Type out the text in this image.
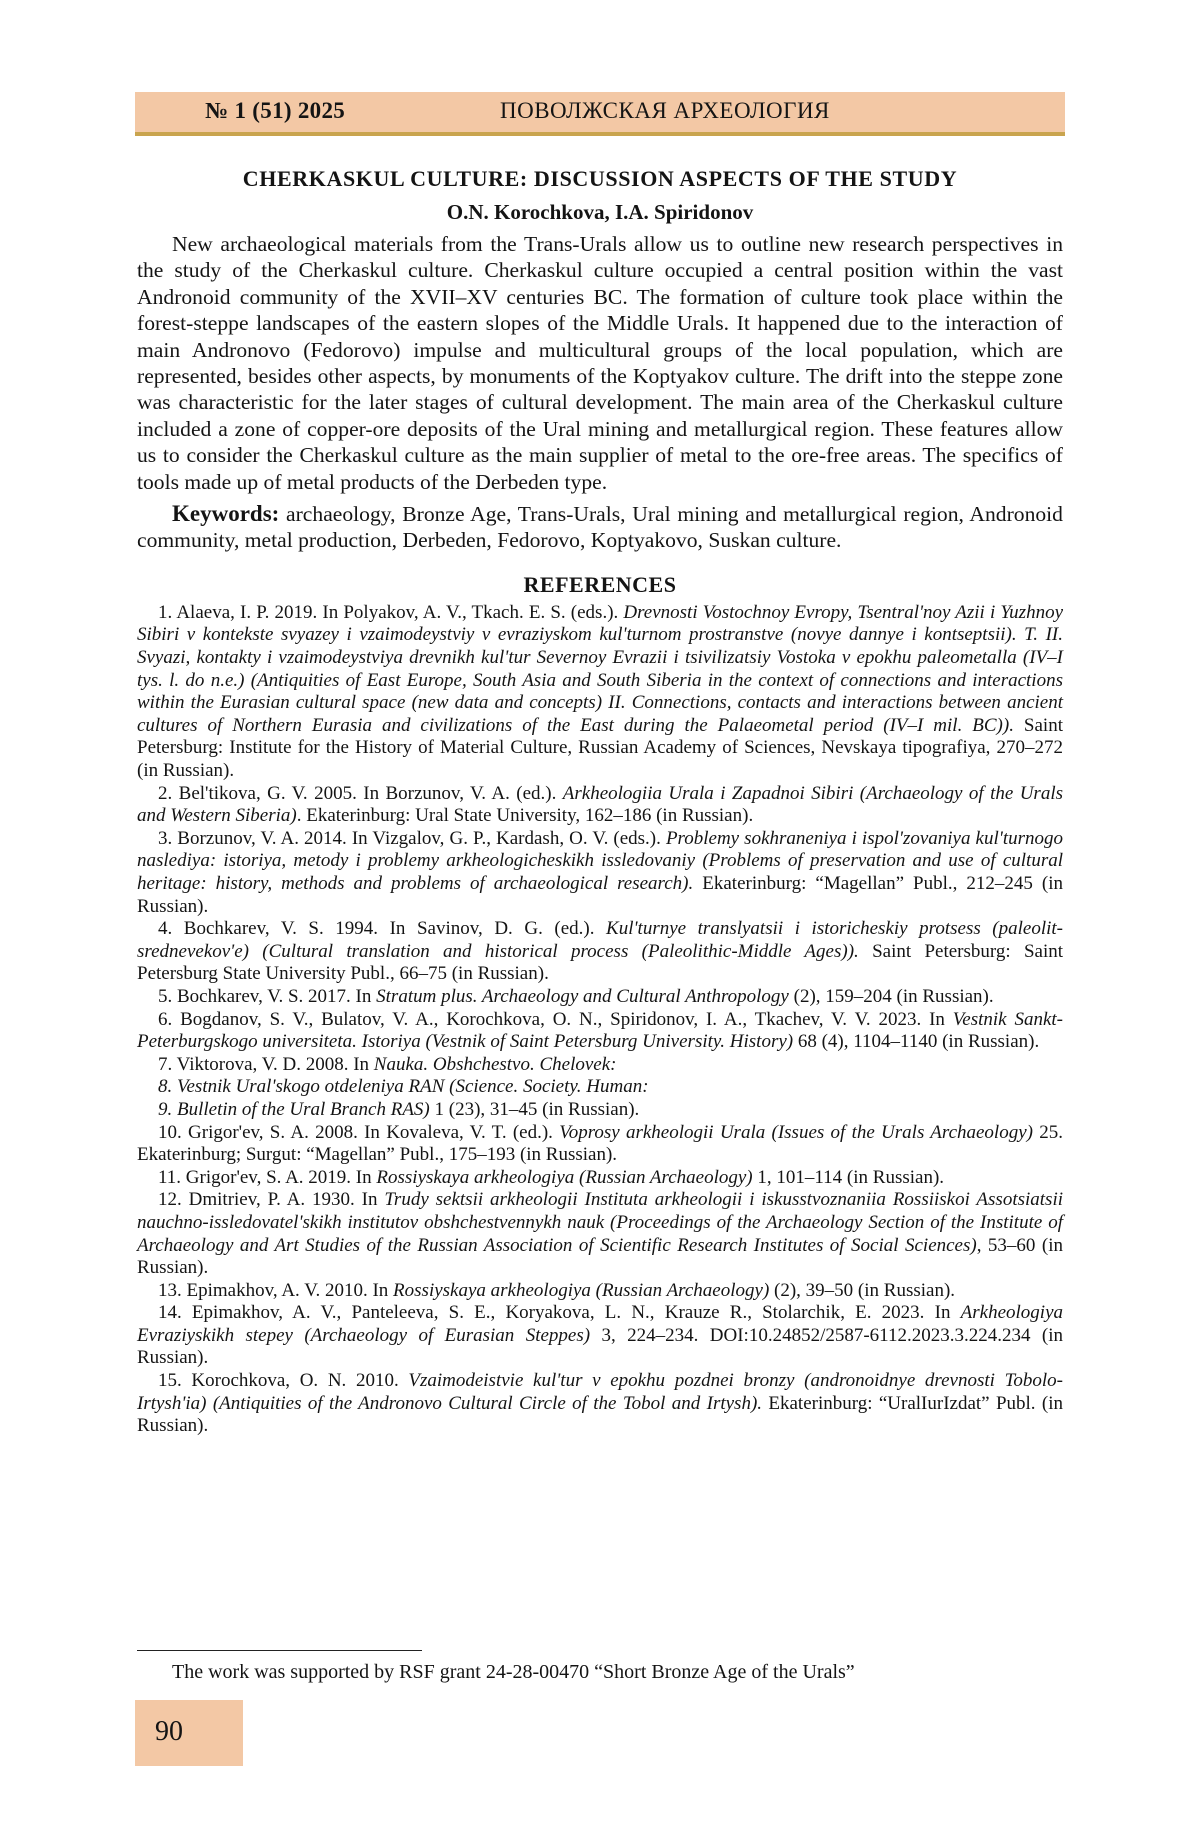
№ 1 (51) 2025	ПОВОЛЖСКАЯ АРХЕОЛОГИЯ
CHERKASKUL CULTURE: DISCUSSION ASPECTS OF THE STUDY
O.N. Korochkova, I.A. Spiridonov

New archaeological materials from the Trans-Urals allow us to outline new research perspectives in the study of the Cherkaskul culture. Cherkaskul culture occupied a central position within the vast Andronoid community of the XVII–XV centuries BC. The formation of culture took place within the forest-steppe landscapes of the eastern slopes of the Middle Urals. It happened due to the interaction of main Andronovo (Fedorovo) impulse and multicultural groups of the local population, which are represented, besides other aspects, by monuments of the Koptyakov culture. The drift into the steppe zone was characteristic for the later stages of cultural development. The main area of the Cherkaskul culture included a zone of copper-ore deposits of the Ural mining and metallurgical region. These features allow us to consider the Cherkaskul culture as the main supplier of metal to the ore-free areas. The specifics of tools made up of metal products of the Derbeden type.

Keywords: archaeology, Bronze Age, Trans-Urals, Ural mining and metallurgical region, Andronoid community, metal production, Derbeden, Fedorovo, Koptyakovo, Suskan culture.

REFERENCES

1. Alaeva, I. P. 2019. In Polyakov, A. V., Tkach. E. S. (eds.). Drevnosti Vostochnoy Evropy, Tsentral'noy Azii i Yuzhnoy Sibiri v kontekste svyazey i vzaimodeystviy v evraziyskom kul'turnom prostranstve (novye dannye i kontseptsii). T. II. Svyazi, kontakty i vzaimodeystviya drevnikh kul'tur Severnoy Evrazii i tsivilizatsiy Vostoka v epokhu paleometalla (IV–I tys. l. do n.e.) (Antiquities of East Europe, South Asia and South Siberia in the context of connections and interactions within the Eurasian cultural space (new data and concepts) II. Connections, contacts and interactions between ancient cultures of Northern Eurasia and civilizations of the East during the Palaeometal period (IV–I mil. BC)). Saint Petersburg: Institute for the History of Material Culture, Russian Academy of Sciences, Nevskaya tipografiya, 270–272 (in Russian).

2. Bel'tikova, G. V. 2005. In Borzunov, V. A. (ed.). Arkheologiia Urala i Zapadnoi Sibiri (Archaeology of the Urals and Western Siberia). Ekaterinburg: Ural State University, 162–186 (in Russian).

3. Borzunov, V. A. 2014. In Vizgalov, G. P., Kardash, O. V. (eds.). Problemy sokhraneniya i ispol'zovaniya kul'turnogo naslediya: istoriya, metody i problemy arkheologicheskikh issledovaniy (Problems of preservation and use of cultural heritage: history, methods and problems of archaeological research). Ekaterinburg: “Magellan” Publ., 212–245 (in Russian).

4. Bochkarev, V. S. 1994. In Savinov, D. G. (ed.). Kul'turnye translyatsii i istoricheskiy protsess (paleolit-srednevekov'e) (Cultural translation and historical process (Paleolithic-Middle Ages)). Saint Petersburg: Saint Petersburg State University Publ., 66–75 (in Russian).

5. Bochkarev, V. S. 2017. In Stratum plus. Archaeology and Cultural Anthropology (2), 159–204 (in Russian).

6. Bogdanov, S. V., Bulatov, V. A., Korochkova, O. N., Spiridonov, I. A., Tkachev, V. V. 2023. In Vestnik Sankt-Peterburgskogo universiteta. Istoriya (Vestnik of Saint Petersburg University. History) 68 (4), 1104–1140 (in Russian).

7. Viktorova, V. D. 2008. In Nauka. Obshchestvo. Chelovek:

8. Vestnik Ural'skogo otdeleniya RAN (Science. Society. Human:

9. Bulletin of the Ural Branch RAS) 1 (23), 31–45 (in Russian).

10. Grigor'ev, S. A. 2008. In Kovaleva, V. T. (ed.). Voprosy arkheologii Urala (Issues of the Urals Archaeology) 25. Ekaterinburg; Surgut: “Magellan” Publ., 175–193 (in Russian).

11. Grigor'ev, S. A. 2019. In Rossiyskaya arkheologiya (Russian Archaeology) 1, 101–114 (in Russian).

12. Dmitriev, P. A. 1930. In Trudy sektsii arkheologii Instituta arkheologii i iskusstvoznaniia Rossiiskoi Assotsiatsii nauchno-issledovatel'skikh institutov obshchestvennykh nauk (Proceedings of the Archaeology Section of the Institute of Archaeology and Art Studies of the Russian Association of Scientific Research Institutes of Social Sciences), 53–60 (in Russian).

13. Epimakhov, A. V. 2010. In Rossiyskaya arkheologiya (Russian Archaeology) (2), 39–50 (in Russian).

14. Epimakhov, A. V., Panteleeva, S. E., Koryakova, L. N., Krauze R., Stolarchik, E. 2023. In Arkheologiya Evraziyskikh stepey (Archaeology of Eurasian Steppes) 3, 224–234. DOI:10.24852/2587-6112.2023.3.224.234 (in Russian).

15. Korochkova, O. N. 2010. Vzaimodeistvie kul'tur v epokhu pozdnei bronzy (andronoidnye drevnosti Tobolo-Irtysh'ia) (Antiquities of the Andronovo Cultural Circle of the Tobol and Irtysh). Ekaterinburg: “UralIurIzdat” Publ. (in Russian).

The work was supported by RSF grant 24-28-00470 “Short Bronze Age of the Urals”
90
